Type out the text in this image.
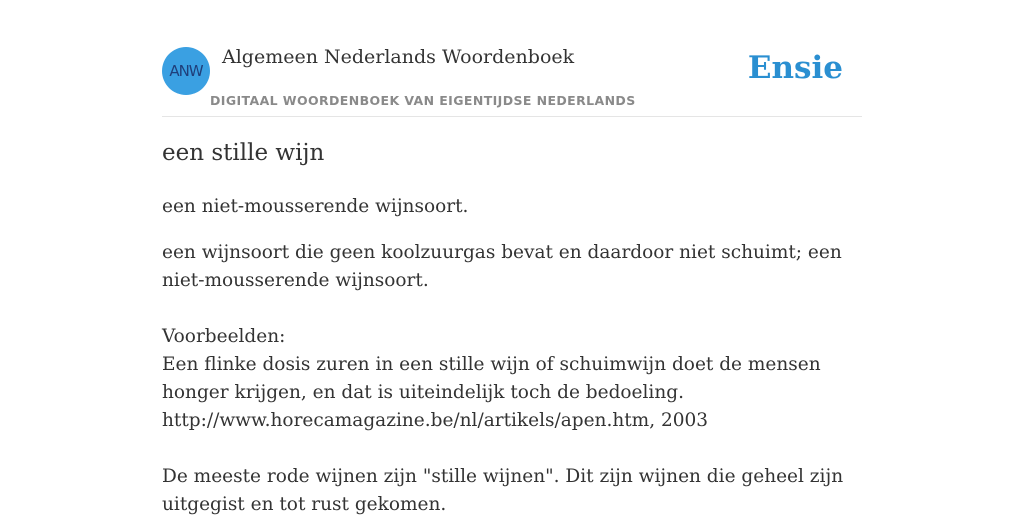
ANW
Algemeen Nederlands Woordenboek
DIGITAAL WOORDENBOEK VAN EIGENTIJDSE NEDERLANDS
Ensie
een stille wijn
een niet-mousserende wijnsoort.
een wijnsoort die geen koolzuurgas bevat en daardoor niet schuimt; een niet-mousserende wijnsoort.
Voorbeelden:
Een flinke dosis zuren in een stille wijn of schuimwijn doet de mensen honger krijgen, en dat is uiteindelijk toch de bedoeling.
http://www.horecamagazine.be/nl/artikels/apen.htm, 2003
De meeste rode wijnen zijn "stille wijnen". Dit zijn wijnen die geheel zijn uitgegist en tot rust gekomen.
